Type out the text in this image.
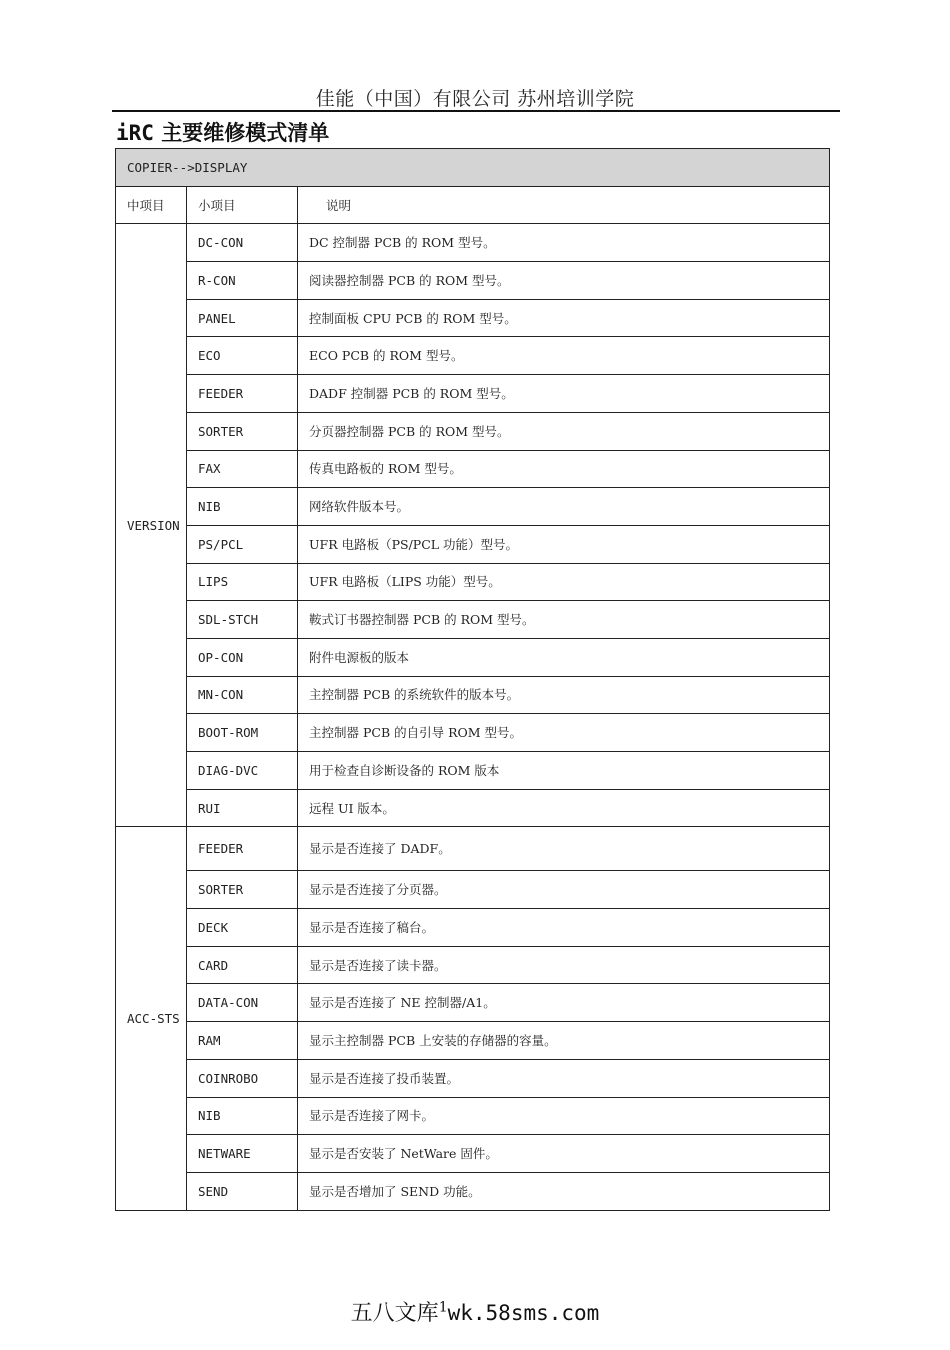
佳能（中国）有限公司 苏州培训学院
iRC 主要维修模式清单
COPIER-->DISPLAY		
中项目	小项目	说明
VERSION	DC-CON	DC 控制器 PCB 的 ROM 型号。
	R-CON	阅读器控制器 PCB 的 ROM 型号。
	PANEL	控制面板 CPU PCB 的 ROM 型号。
	ECO	ECO PCB 的 ROM 型号。
	FEEDER	DADF 控制器 PCB 的 ROM 型号。
	SORTER	分页器控制器 PCB 的 ROM 型号。
	FAX	传真电路板的 ROM 型号。
	NIB	网络软件版本号。
	PS/PCL	UFR 电路板（PS/PCL 功能）型号。
	LIPS	UFR 电路板（LIPS 功能）型号。
	SDL-STCH	鞍式订书器控制器 PCB 的 ROM 型号。
	OP-CON	附件电源板的版本
	MN-CON	主控制器 PCB 的系统软件的版本号。
	BOOT-ROM	主控制器 PCB 的自引导 ROM 型号。
	DIAG-DVC	用于检查自诊断设备的 ROM 版本
	RUI	远程 UI 版本。
ACC-STS	FEEDER	显示是否连接了 DADF。
	SORTER	显示是否连接了分页器。
	DECK	显示是否连接了稿台。
	CARD	显示是否连接了读卡器。
	DATA-CON	显示是否连接了 NE 控制器/A1。
	RAM	显示主控制器 PCB 上安装的存储器的容量。
	COINROBO	显示是否连接了投币装置。
	NIB	显示是否连接了网卡。
	NETWARE	显示是否安装了 NetWare 固件。
	SEND	显示是否增加了 SEND 功能。
五八文库$^1$wk.58sms.com
